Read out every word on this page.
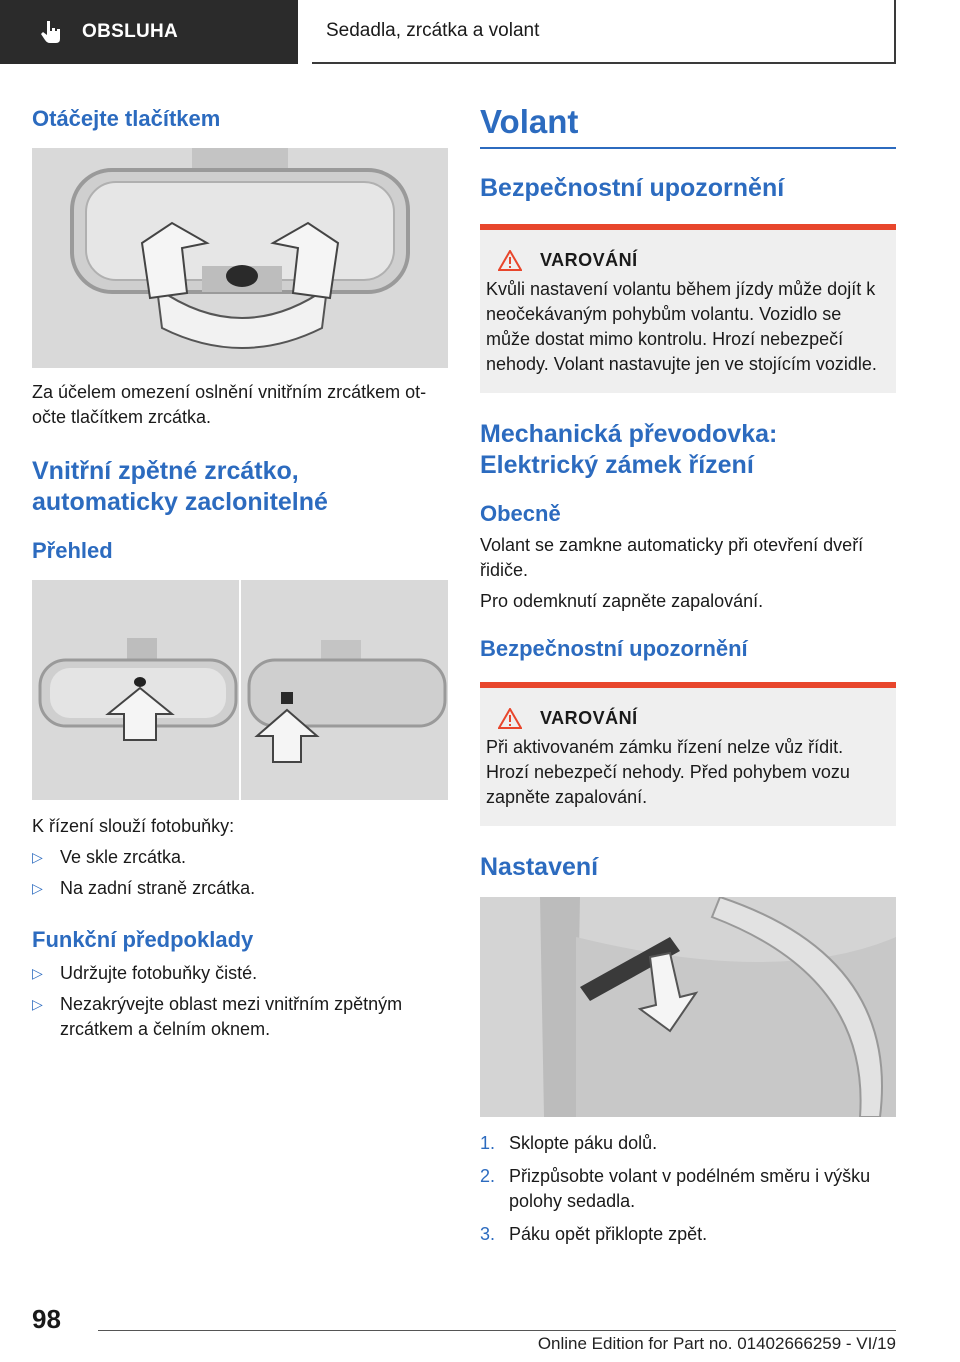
OBSLUHA	Sedadla, zrcátka a volant
Otáčejte tlačítkem
Za účelem omezení oslnění vnitřním zrcátkem otočte tlačítkem zrcátka.
Vnitřní zpětné zrcátko, automaticky zaclonitelné
Přehled
K řízení slouží fotobuňky:
▷ Ve skle zrcátka.
▷ Na zadní straně zrcátka.
Funkční předpoklady
▷ Udržujte fotobuňky čisté.
▷ Nezakrývejte oblast mezi vnitřním zpětným zrcátkem a čelním oknem.
Volant
Bezpečnostní upozornění
VAROVÁNÍ
Kvůli nastavení volantu během jízdy může dojít k neočekávaným pohybům volantu. Vozidlo se může dostat mimo kontrolu. Hrozí nebezpečí nehody. Volant nastavujte jen ve stojícím vozidle.
Mechanická převodovka: Elektrický zámek řízení
Obecně
Volant se zamkne automaticky při otevření dveří řidiče.
Pro odemknutí zapněte zapalování.
Bezpečnostní upozornění
VAROVÁNÍ
Při aktivovaném zámku řízení nelze vůz řídit. Hrozí nebezpečí nehody. Před pohybem vozu zapněte zapalování.
Nastavení
1. Sklopte páku dolů.
2. Přizpůsobte volant v podélném směru i výšku polohy sedadla.
3. Páku opět přiklopte zpět.
98
Online Edition for Part no. 01402666259 - VI/19
